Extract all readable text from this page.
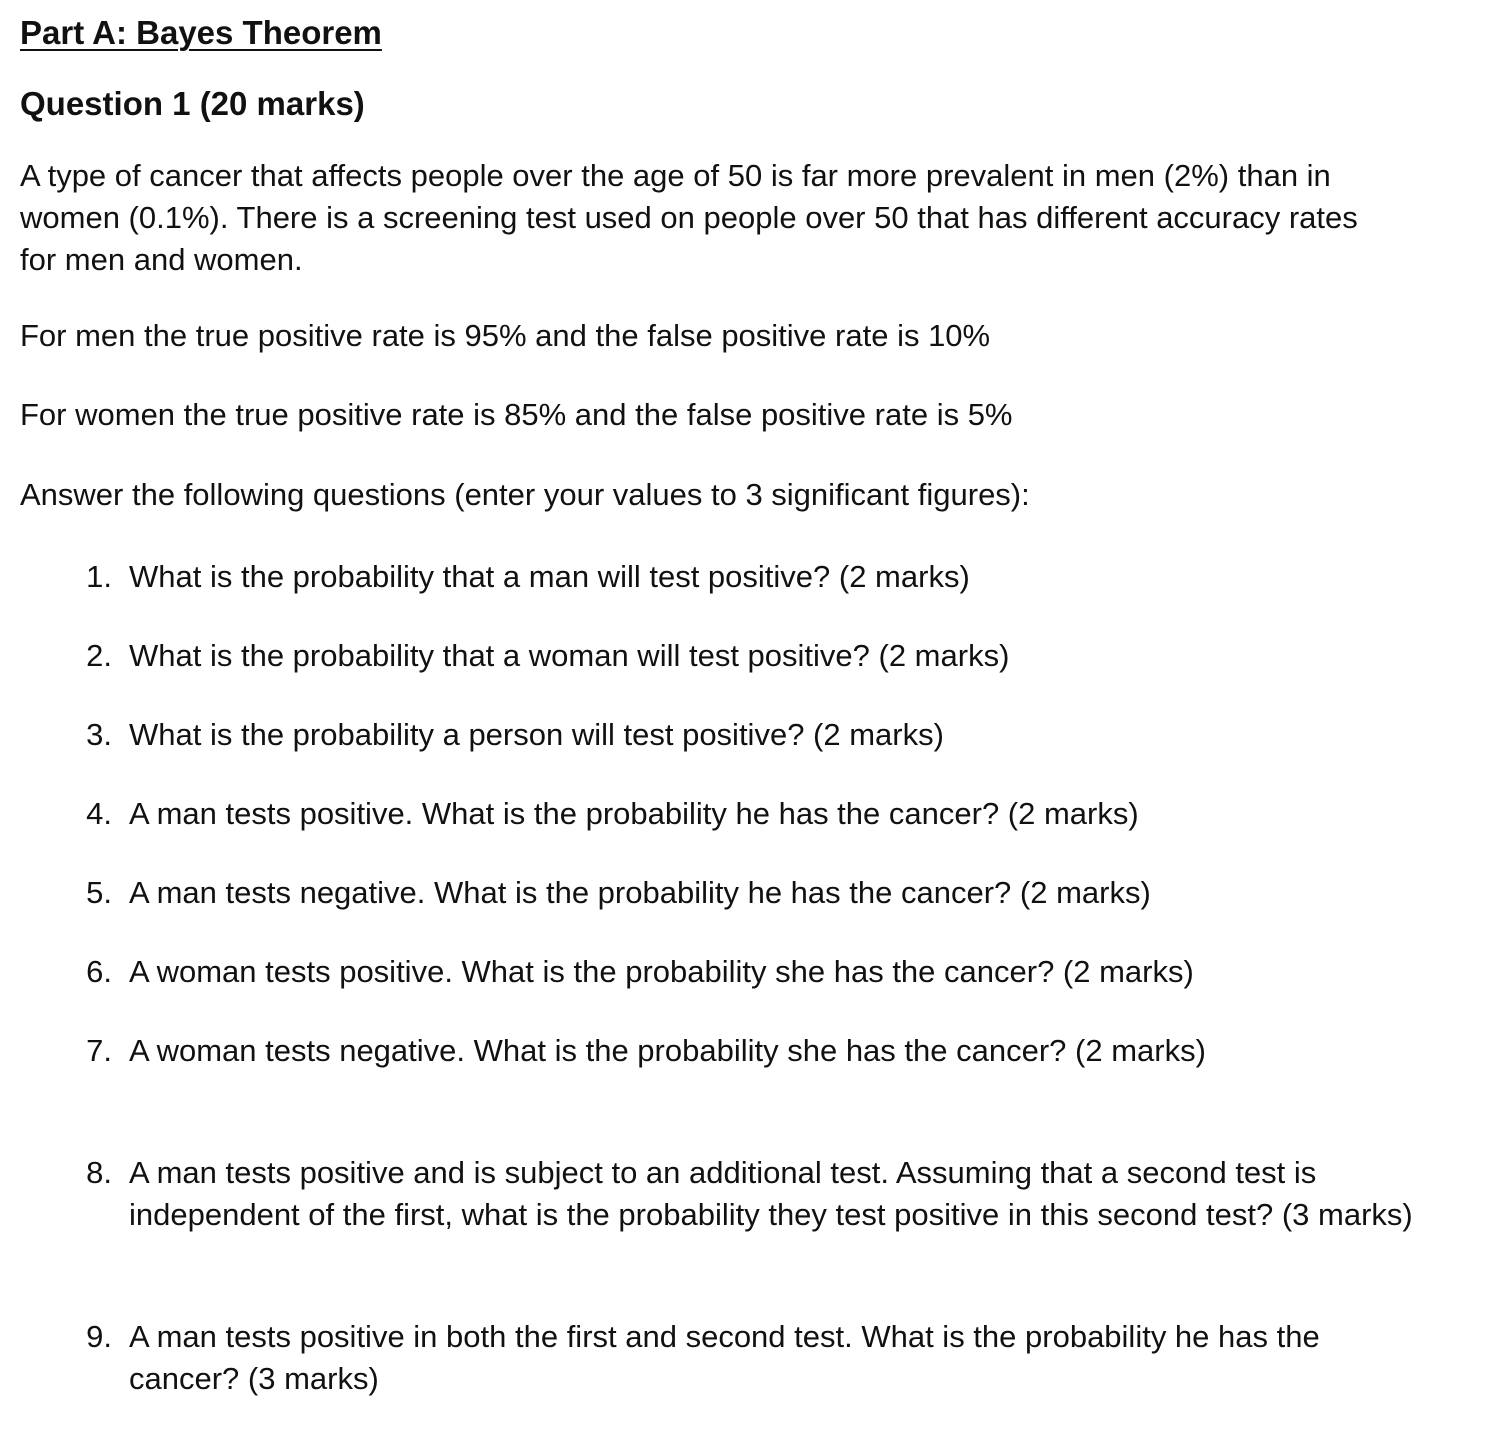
Part A: Bayes Theorem
Question 1 (20 marks)
A type of cancer that affects people over the age of 50 is far more prevalent in men (2%) than in women (0.1%). There is a screening test used on people over 50 that has different accuracy rates for men and women.
For men the true positive rate is 95% and the false positive rate is 10%
For women the true positive rate is 85% and the false positive rate is 5%
Answer the following questions (enter your values to 3 significant figures):
1. What is the probability that a man will test positive? (2 marks)
2. What is the probability that a woman will test positive? (2 marks)
3. What is the probability a person will test positive? (2 marks)
4. A man tests positive. What is the probability he has the cancer? (2 marks)
5. A man tests negative. What is the probability he has the cancer? (2 marks)
6. A woman tests positive. What is the probability she has the cancer? (2 marks)
7. A woman tests negative. What is the probability she has the cancer? (2 marks)
8. A man tests positive and is subject to an additional test. Assuming that a second test is independent of the first, what is the probability they test positive in this second test? (3 marks)
9. A man tests positive in both the first and second test. What is the probability he has the cancer? (3 marks)
